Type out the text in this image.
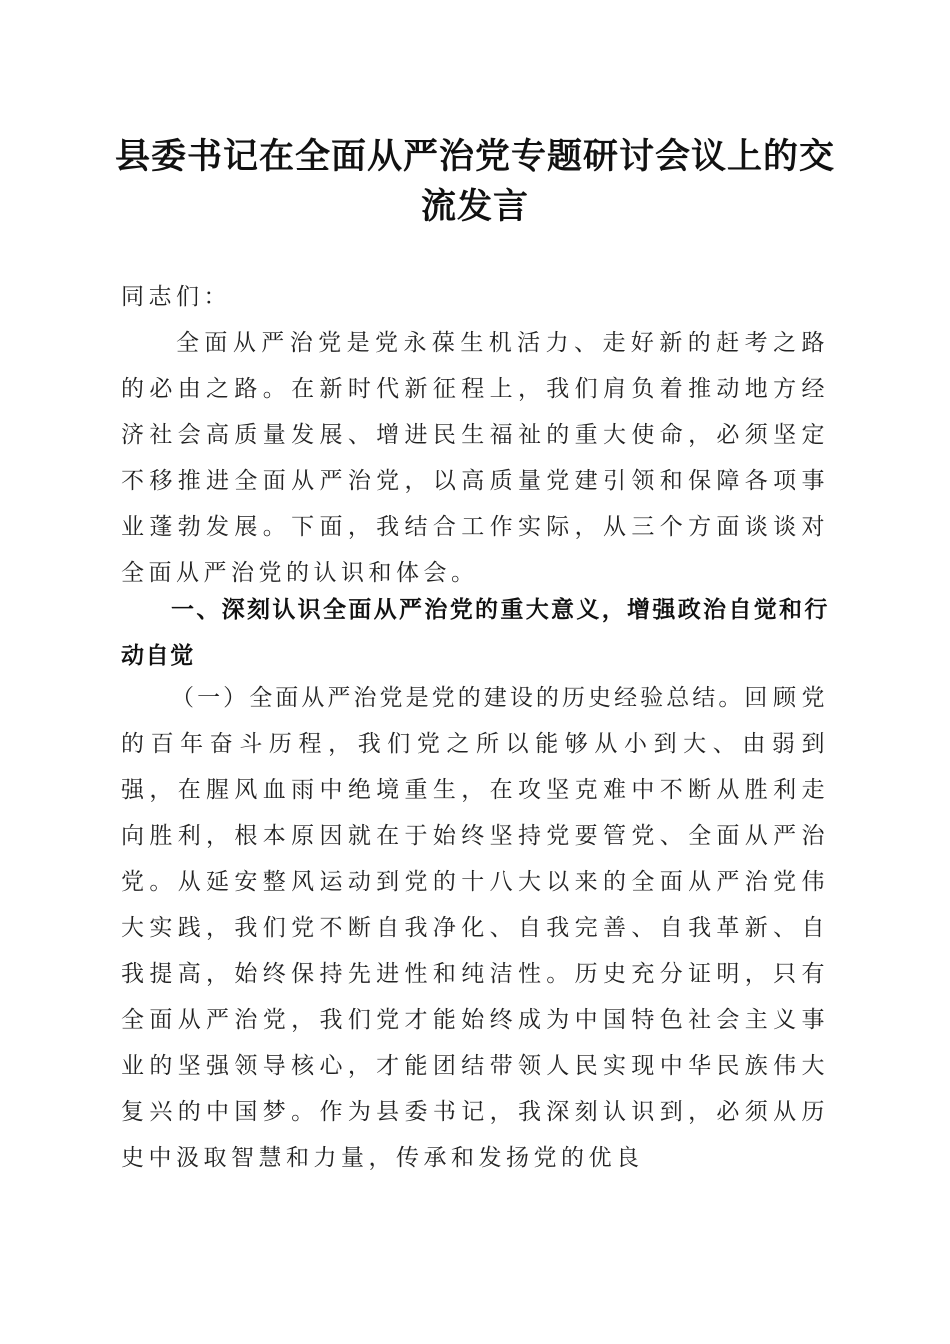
县委书记在全面从严治党专题研讨会议上的交流发言

同志们：

全面从严治党是党永葆生机活力、走好新的赶考之路的必由之路。在新时代新征程上，我们肩负着推动地方经济社会高质量发展、增进民生福祉的重大使命，必须坚定不移推进全面从严治党，以高质量党建引领和保障各项事业蓬勃发展。下面，我结合工作实际，从三个方面谈谈对全面从严治党的认识和体会。

一、深刻认识全面从严治党的重大意义，增强政治自觉和行动自觉

（一）全面从严治党是党的建设的历史经验总结。回顾党的百年奋斗历程，我们党之所以能够从小到大、由弱到强，在腥风血雨中绝境重生，在攻坚克难中不断从胜利走向胜利，根本原因就在于始终坚持党要管党、全面从严治党。从延安整风运动到党的十八大以来的全面从严治党伟大实践，我们党不断自我净化、自我完善、自我革新、自我提高，始终保持先进性和纯洁性。历史充分证明，只有全面从严治党，我们党才能始终成为中国特色社会主义事业的坚强领导核心，才能团结带领人民实现中华民族伟大复兴的中国梦。作为县委书记，我深刻认识到，必须从历史中汲取智慧和力量，传承和发扬党的优良
